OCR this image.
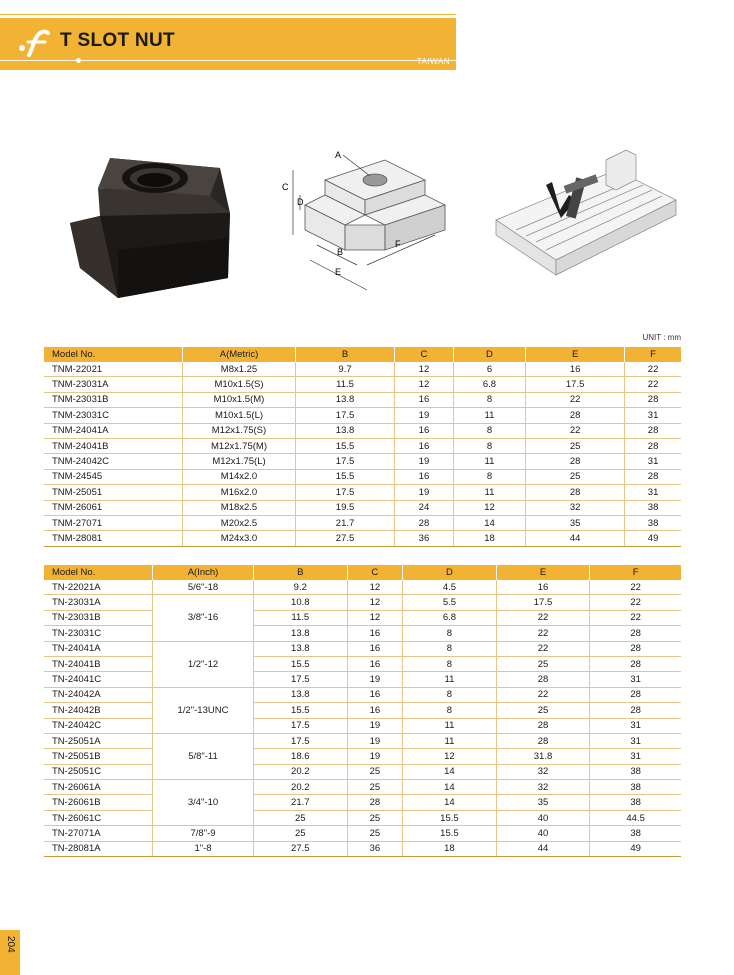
T SLOT NUT
TAIWAN
A
C
D
B
E
F
UNIT : mm
Model No.	A(Metric)	B	C	D	E	F
TNM-22021	M8x1.25	9.7	12	6	16	22
TNM-23031A	M10x1.5(S)	11.5	12	6.8	17.5	22
TNM-23031B	M10x1.5(M)	13.8	16	8	22	28
TNM-23031C	M10x1.5(L)	17.5	19	11	28	31
TNM-24041A	M12x1.75(S)	13.8	16	8	22	28
TNM-24041B	M12x1.75(M)	15.5	16	8	25	28
TNM-24042C	M12x1.75(L)	17.5	19	11	28	31
TNM-24545	M14x2.0	15.5	16	8	25	28
TNM-25051	M16x2.0	17.5	19	11	28	31
TNM-26061	M18x2.5	19.5	24	12	32	38
TNM-27071	M20x2.5	21.7	28	14	35	38
TNM-28081	M24x3.0	27.5	36	18	44	49
Model No.	A(Inch)	B	C	D	E	F
TN-22021A	5/6"-18	9.2	12	4.5	16	22
TN-23031A	3/8"-16	10.8	12	5.5	17.5	22
TN-23031B		11.5	12	6.8	22	22
TN-23031C		13.8	16	8	22	28
TN-24041A	1/2"-12	13.8	16	8	22	28
TN-24041B		15.5	16	8	25	28
TN-24041C		17.5	19	11	28	31
TN-24042A	1/2"-13UNC	13.8	16	8	22	28
TN-24042B		15.5	16	8	25	28
TN-24042C		17.5	19	11	28	31
TN-25051A	5/8"-11	17.5	19	11	28	31
TN-25051B		18.6	19	12	31.8	31
TN-25051C		20.2	25	14	32	38
TN-26061A	3/4"-10	20.2	25	14	32	38
TN-26061B		21.7	28	14	35	38
TN-26061C		25	25	15.5	40	44.5
TN-27071A	7/8"-9	25	25	15.5	40	38
TN-28081A	1"-8	27.5	36	18	44	49
204
